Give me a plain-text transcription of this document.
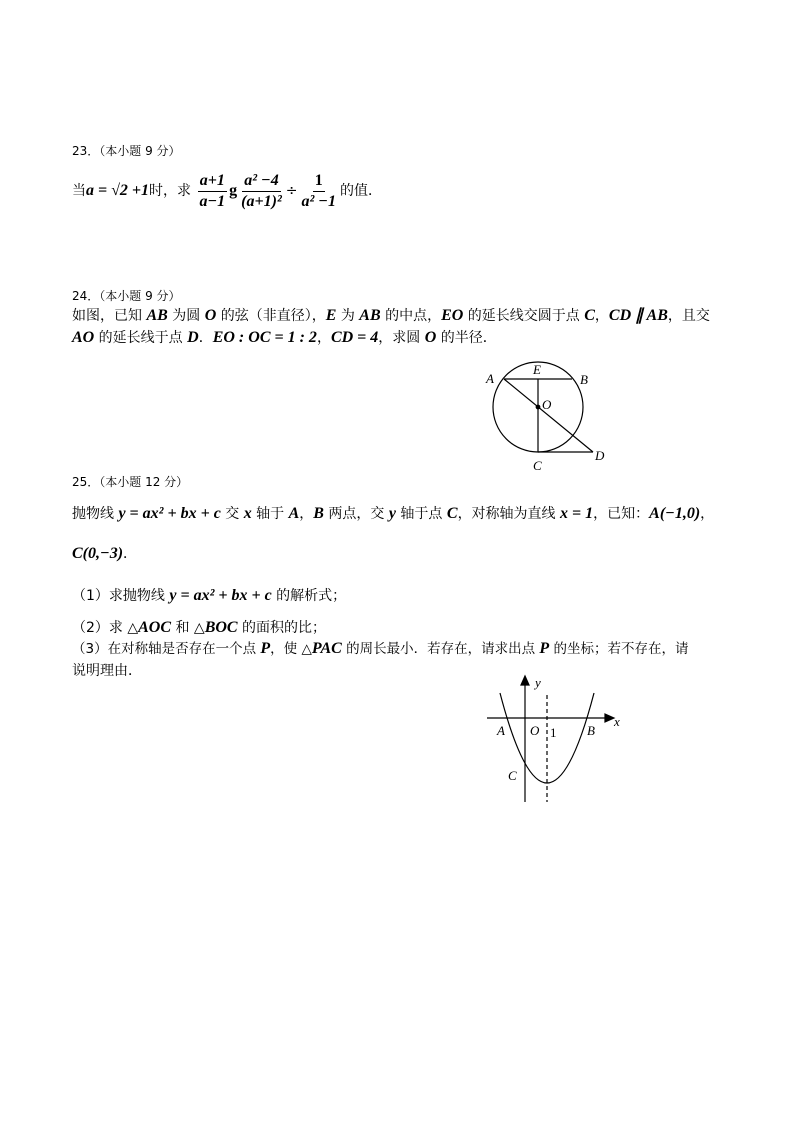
23．（本小题 9 分）
当a = √2 +1时，求 $\frac{a+1}{a-1}$ g $\frac{\text{a² −4}}{\text{(a+1)²}} \div \frac{1}{\text{a² −1}}$ 的值．
24．（本小题 9 分）
如图，已知 AB 为圆 O 的弦（非直径），E 为 AB 的中点，EO 的延长线交圆于点 C，CD ∥ AB，且交
AO 的延长线于点 D．EO : OC = 1 : 2，CD = 4，求圆 O 的半径．
25．（本小题 12 分）
抛物线 y = ax² + bx + c 交 x 轴于 A，B 两点，交 y 轴于点 C，对称轴为直线 x = 1，已知：A(−1,0)，
C(0,−3)．
（1）求抛物线 y = ax² + bx + c 的解析式；
（2）求 △AOC 和 △BOC 的面积的比；
（3）在对称轴是否存在一个点 P，使 △PAC 的周长最小．若存在，请求出点 P 的坐标；若不存在，请
说明理由．
A
E
B
O
C
D
y
x
A O 1 B
C
